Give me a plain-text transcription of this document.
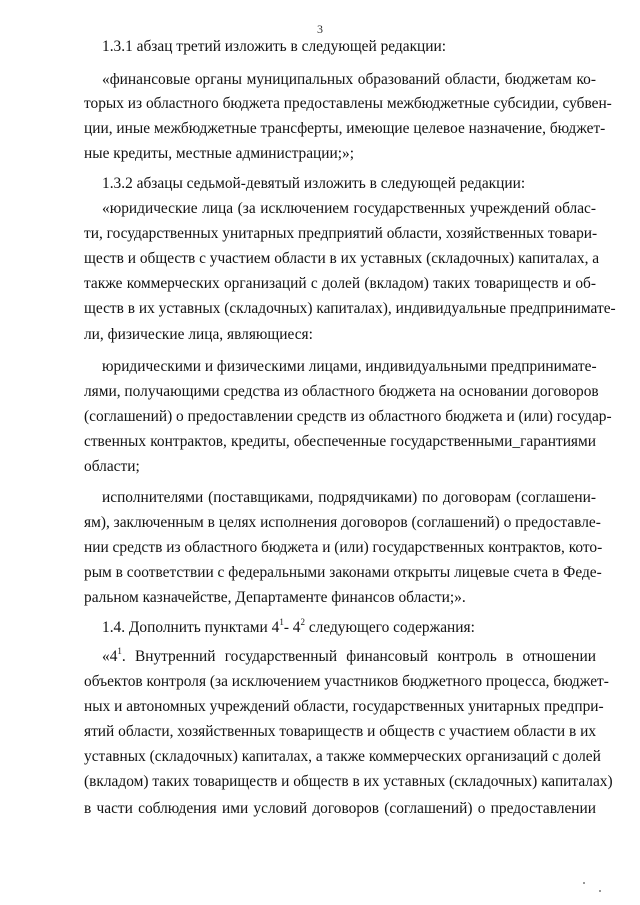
3
1.3.1 абзац третий изложить в следующей редакции:
«финансовые органы муниципальных образований области, бюджетам ко-
торых из областного бюджета предоставлены межбюджетные субсидии, субвен-
ции, иные межбюджетные трансферты, имеющие целевое назначение, бюджет-
ные кредиты, местные администрации;»;
1.3.2 абзацы седьмой-девятый изложить в следующей редакции:
«юридические лица (за исключением государственных учреждений облас-
ти, государственных унитарных предприятий области, хозяйственных товари-
ществ и обществ с участием области в их уставных (складочных) капиталах, а
также коммерческих организаций с долей (вкладом) таких товариществ и об-
ществ в их уставных (складочных) капиталах), индивидуальные предпринимате-
ли, физические лица, являющиеся:
юридическими и физическими лицами, индивидуальными предпринимате-
лями, получающими средства из областного бюджета на основании договоров
(соглашений) о предоставлении средств из областного бюджета и (или) государ-
ственных контрактов, кредиты, обеспеченные государственными_гарантиями
области;
исполнителями (поставщиками, подрядчиками) по договорам (соглашени-
ям), заключенным в целях исполнения договоров (соглашений) о предоставле-
нии средств из областного бюджета и (или) государственных контрактов, кото-
рым в соответствии с федеральными законами открыты лицевые счета в Феде-
ральном казначействе, Департаменте финансов области;».
1.4. Дополнить пунктами $4^1-$ $4^2$ следующего содержания:
«$4^1$. Внутренний государственный финансовый контроль в отношении
объектов контроля (за исключением участников бюджетного процесса, бюджет-
ных и автономных учреждений области, государственных унитарных предпри-
ятий области, хозяйственных товариществ и обществ с участием области в их
уставных (складочных) капиталах, а также коммерческих организаций с долей
(вкладом) таких товариществ и обществ в их уставных (складочных) капиталах)
в части соблюдения ими условий договоров (соглашений) о предоставлении
